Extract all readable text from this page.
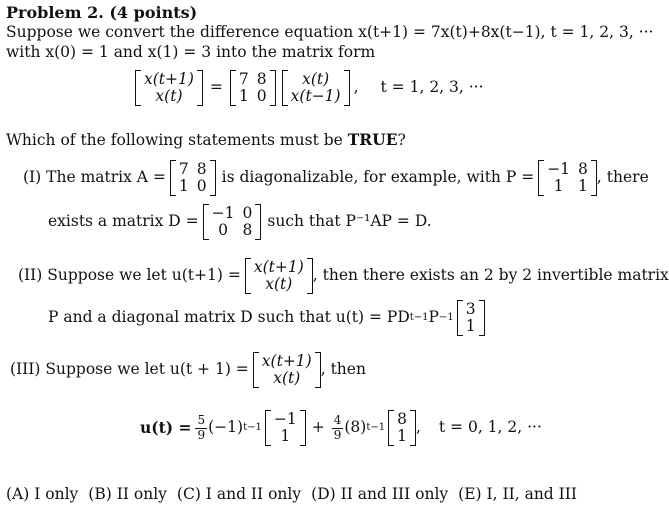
Problem 2. (4 points)
Suppose we convert the difference equation x(t+1) = 7x(t)+8x(t−1), t = 1, 2, 3, ···
with x(0) = 1 and x(1) = 3 into the matrix form
x(t+1)
x(t)	= 7 8
1 0
x(t)
x(t−1) , t = 1, 2, 3, ···
Which of the following statements must be TRUE?
(I) The matrix A = 7 8
1 0 is diagonalizable, for example, with P = −1 8
1 1 , there
exists a matrix D = −1 0
0 8 such that P⁻¹AP = D.
(II) Suppose we let u(t+1) = x(t+1)
x(t)	, then there exists an 2 by 2 invertible matrix
P and a diagonal matrix D such that u(t) = PD t−1 P −1 3
1
(III) Suppose we let u(t + 1) = x(t+1)
x(t)	, then
$u(t) = \frac{5}{9} (-1)$ t−1 −1
1	+ $\frac{4}{9} (8)$ t−1 8
1 , t = 0, 1, 2, ···
(A) I only (B) II only (C) I and II only (D) II and III only (E) I, II, and III
